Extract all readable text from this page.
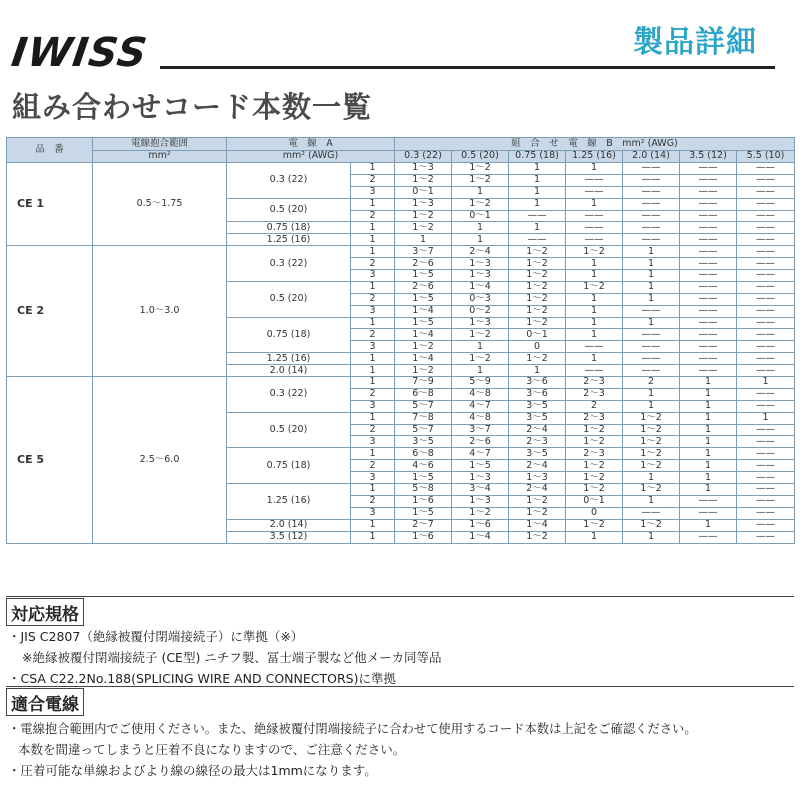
IWISS	製品詳細
組み合わせコード本数一覧
品　番	電線抱合範囲	電　線　A		組　合　せ　電　線　B　mm² (AWG)						
	mm²	mm² (AWG)		0.3 (22)	0.5 (20)	0.75 (18)	1.25 (16)	2.0 (14)	3.5 (12)	5.5 (10)
CE 1	0.5〜1.75	0.3 (22)	1	1〜3	1〜2	1	1	——	——	——
			2	1〜2	1〜2	1	——	——	——	——
			3	0〜1	1	1	——	——	——	——
		0.5 (20)	1	1〜3	1〜2	1	1	——	——	——
			2	1〜2	0〜1	——	——	——	——	——
		0.75 (18)	1	1〜2	1	1	——	——	——	——
		1.25 (16)	1	1	1	——	——	——	——	——
CE 2	1.0〜3.0	0.3 (22)	1	3〜7	2〜4	1〜2	1〜2	1	——	——
			2	2〜6	1〜3	1〜2	1	1	——	——
			3	1〜5	1〜3	1〜2	1	1	——	——
		0.5 (20)	1	2〜6	1〜4	1〜2	1〜2	1	——	——
			2	1〜5	0〜3	1〜2	1	1	——	——
			3	1〜4	0〜2	1〜2	1	——	——	——
		0.75 (18)	1	1〜5	1〜3	1〜2	1	1	——	——
			2	1〜4	1〜2	0〜1	1	——	——	——
			3	1〜2	1	0	——	——	——	——
		1.25 (16)	1	1〜4	1〜2	1〜2	1	——	——	——
		2.0 (14)	1	1〜2	1	1	——	——	——	——
CE 5	2.5〜6.0	0.3 (22)	1	7〜9	5〜9	3〜6	2〜3	2	1	1
			2	6〜8	4〜8	3〜6	2〜3	1	1	——
			3	5〜7	4〜7	3〜5	2	1	1	——
		0.5 (20)	1	7〜8	4〜8	3〜5	2〜3	1〜2	1	1
			2	5〜7	3〜7	2〜4	1〜2	1〜2	1	——
			3	3〜5	2〜6	2〜3	1〜2	1〜2	1	——
		0.75 (18)	1	6〜8	4〜7	3〜5	2〜3	1〜2	1	——
			2	4〜6	1〜5	2〜4	1〜2	1〜2	1	——
			3	1〜5	1〜3	1〜3	1〜2	1	1	——
		1.25 (16)	1	5〜8	3〜4	2〜4	1〜2	1〜2	1	——
			2	1〜6	1〜3	1〜2	0〜1	1	——	——
			3	1〜5	1〜2	1〜2	0	——	——	——
		2.0 (14)	1	2〜7	1〜6	1〜4	1〜2	1〜2	1	——
		3.5 (12)	1	1〜6	1〜4	1〜2	1	1	——	——
対応規格
・JIS C2807（絶縁被覆付閉端接続子）に準拠（※）
※絶縁被覆付閉端接続子 (CE型) ニチフ製、冨士端子製など他メーカ同等品
・CSA C22.2No.188(SPLICING WIRE AND CONNECTORS)に準拠
適合電線
・電線抱合範囲内でご使用ください。また、絶縁被覆付閉端接続子に合わせて使用するコード本数は上記をご確認ください。
本数を間違ってしまうと圧着不良になりますので、ご注意ください。
・圧着可能な単線およびより線の線径の最大は1mmになります。
